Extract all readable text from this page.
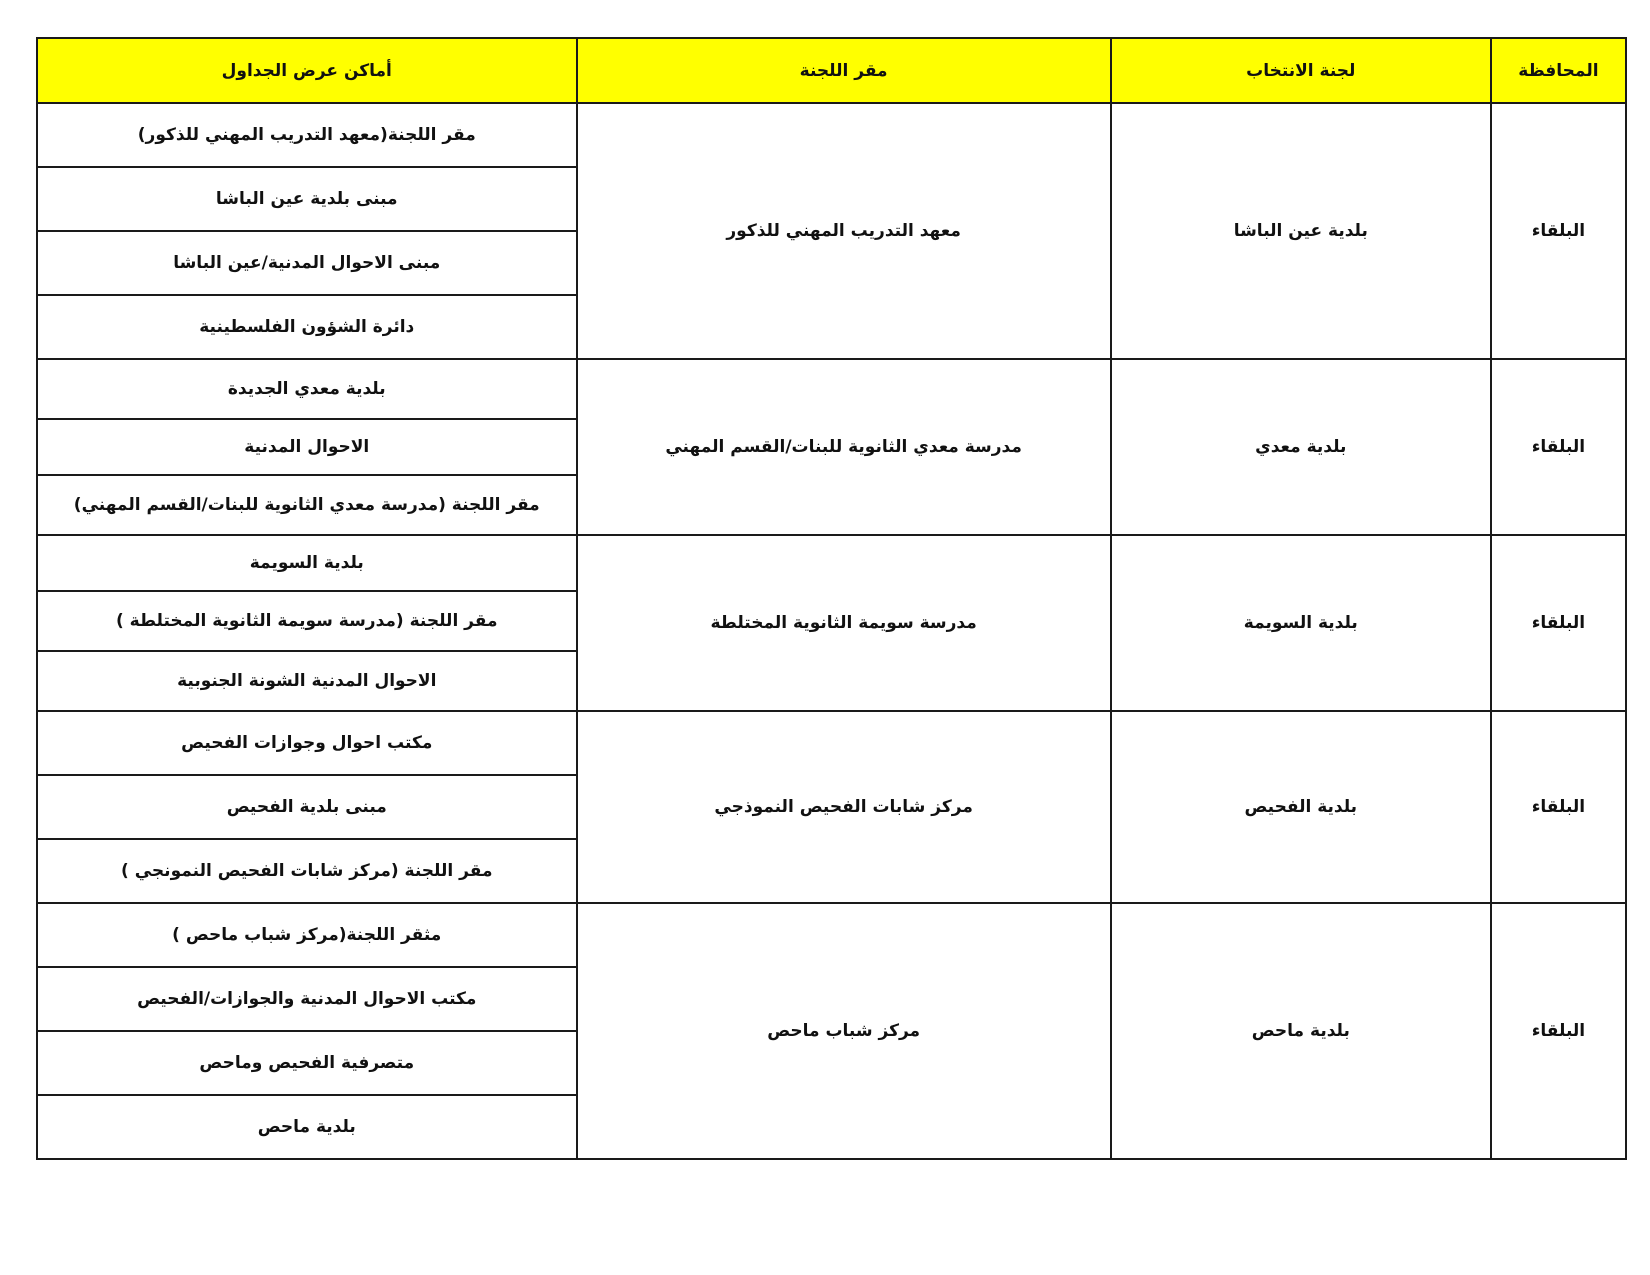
أماكن عرض الجداول	مقر اللجنة	لجنة الانتخاب	المحافظة
مقر اللجنة(معهد التدريب المهني للذكور)	معهد التدريب المهني للذكور	بلدية عين الباشا	البلقاء
مبنى بلدية عين الباشا			
مبنى الاحوال المدنية/عين الباشا			
دائرة الشؤون الفلسطينية			
بلدية معدي الجديدة	مدرسة معدي الثانوية للبنات/القسم المهني	بلدية معدي	البلقاء
الاحوال المدنية			
مقر اللجنة (مدرسة معدي الثانوية للبنات/القسم المهني)			
بلدية السويمة	مدرسة سويمة الثانوية المختلطة	بلدية السويمة	البلقاء
مقر اللجنة (مدرسة سويمة الثانوية المختلطة )			
الاحوال المدنية الشونة الجنوبية			
مكتب احوال وجوازات الفحيص	مركز شابات الفحيص النموذجي	بلدية الفحيص	البلقاء
مبنى بلدية الفحيص			
مقر اللجنة (مركز شابات الفحيص النمونجي )			
مثقر اللجنة(مركز شباب ماحص )	مركز شباب ماحص	بلدية ماحص	البلقاء
مكتب الاحوال المدنية والجوازات/الفحيص			
متصرفية الفحيص وماحص			
بلدية ماحص			
